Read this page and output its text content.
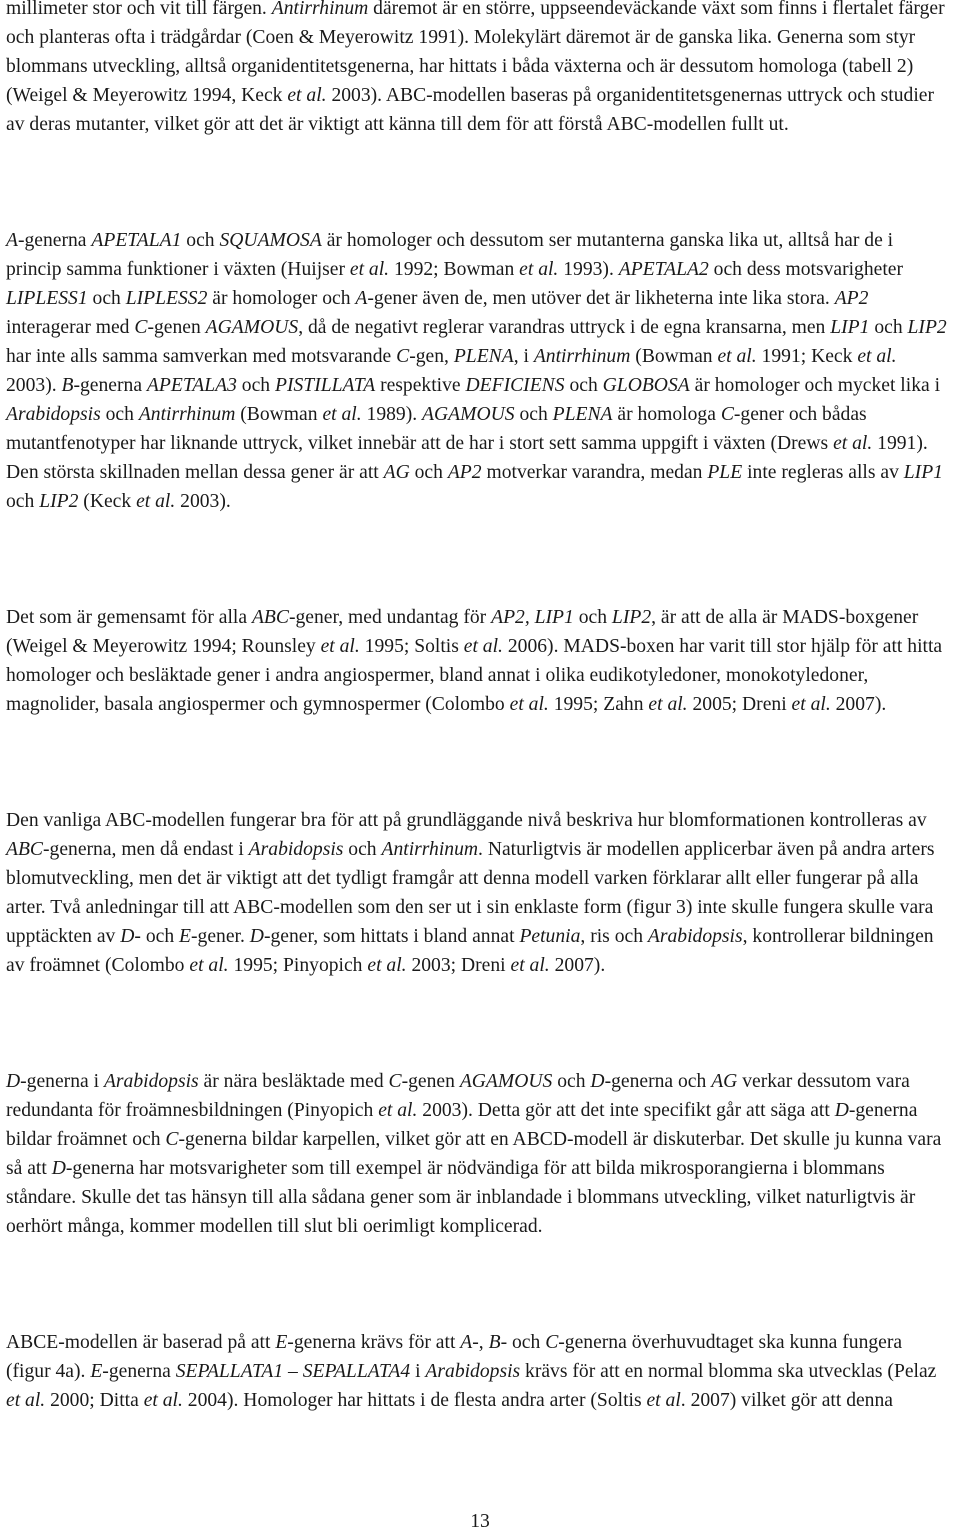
millimeter stor och vit till färgen. Antirrhinum däremot är en större, uppseendeväckande växt som finns i flertalet färger och planteras ofta i trädgårdar (Coen & Meyerowitz 1991). Molekylärt däremot är de ganska lika. Generna som styr blommans utveckling, alltså organidentitetsgenerna, har hittats i båda växterna och är dessutom homologa (tabell 2) (Weigel & Meyerowitz 1994, Keck et al. 2003). ABC-modellen baseras på organidentitetsgenernas uttryck och studier av deras mutanter, vilket gör att det är viktigt att känna till dem för att förstå ABC-modellen fullt ut.

A-generna APETALA1 och SQUAMOSA är homologer och dessutom ser mutanterna ganska lika ut, alltså har de i princip samma funktioner i växten (Huijser et al. 1992; Bowman et al. 1993). APETALA2 och dess motsvarigheter LIPLESS1 och LIPLESS2 är homologer och A-gener även de, men utöver det är likheterna inte lika stora. AP2 interagerar med C-genen AGAMOUS, då de negativt reglerar varandras uttryck i de egna kransarna, men LIP1 och LIP2 har inte alls samma samverkan med motsvarande C-gen, PLENA, i Antirrhinum (Bowman et al. 1991; Keck et al. 2003). B-generna APETALA3 och PISTILLATA respektive DEFICIENS och GLOBOSA är homologer och mycket lika i Arabidopsis och Antirrhinum (Bowman et al. 1989). AGAMOUS och PLENA är homologa C-gener och bådas mutantfenotyper har liknande uttryck, vilket innebär att de har i stort sett samma uppgift i växten (Drews et al. 1991). Den största skillnaden mellan dessa gener är att AG och AP2 motverkar varandra, medan PLE inte regleras alls av LIP1 och LIP2 (Keck et al. 2003).

Det som är gemensamt för alla ABC-gener, med undantag för AP2, LIP1 och LIP2, är att de alla är MADS-boxgener (Weigel & Meyerowitz 1994; Rounsley et al. 1995; Soltis et al. 2006). MADS-boxen har varit till stor hjälp för att hitta homologer och besläktade gener i andra angiospermer, bland annat i olika eudikotyledoner, monokotyledoner, magnolider, basala angiospermer och gymnospermer (Colombo et al. 1995; Zahn et al. 2005; Dreni et al. 2007).

Den vanliga ABC-modellen fungerar bra för att på grundläggande nivå beskriva hur blomformationen kontrolleras av ABC-generna, men då endast i Arabidopsis och Antirrhinum. Naturligtvis är modellen applicerbar även på andra arters blomutveckling, men det är viktigt att det tydligt framgår att denna modell varken förklarar allt eller fungerar på alla arter. Två anledningar till att ABC-modellen som den ser ut i sin enklaste form (figur 3) inte skulle fungera skulle vara upptäckten av D- och E-gener. D-gener, som hittats i bland annat Petunia, ris och Arabidopsis, kontrollerar bildningen av froämnet (Colombo et al. 1995; Pinyopich et al. 2003; Dreni et al. 2007).

D-generna i Arabidopsis är nära besläktade med C-genen AGAMOUS och D-generna och AG verkar dessutom vara redundanta för froämnesbildningen (Pinyopich et al. 2003). Detta gör att det inte specifikt går att säga att D-generna bildar froämnet och C-generna bildar karpellen, vilket gör att en ABCD-modell är diskuterbar. Det skulle ju kunna vara så att D-generna har motsvarigheter som till exempel är nödvändiga för att bilda mikrosporangierna i blommans ståndare. Skulle det tas hänsyn till alla sådana gener som är inblandade i blommans utveckling, vilket naturligtvis är oerhört många, kommer modellen till slut bli oerimligt komplicerad.

ABCE-modellen är baserad på att E-generna krävs för att A-, B- och C-generna överhuvudtaget ska kunna fungera (figur 4a). E-generna SEPALLATA1 – SEPALLATA4 i Arabidopsis krävs för att en normal blomma ska utvecklas (Pelaz et al. 2000; Ditta et al. 2004). Homologer har hittats i de flesta andra arter (Soltis et al. 2007) vilket gör att denna

13
